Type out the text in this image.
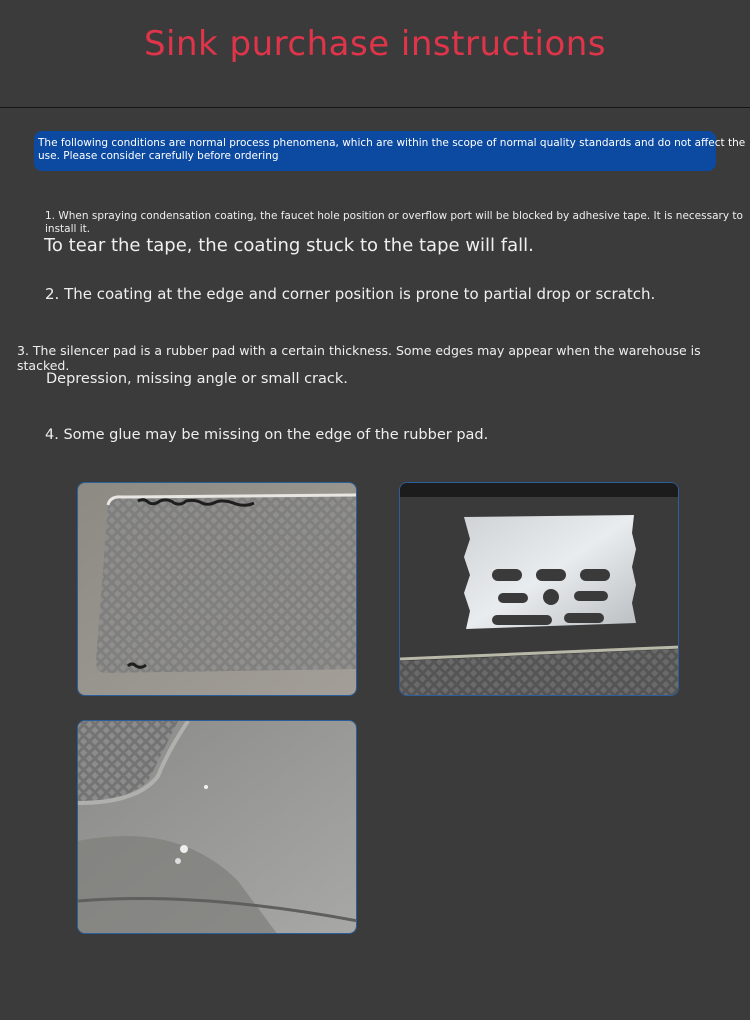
Sink purchase instructions
The following conditions are normal process phenomena, which are within the scope of normal quality standards and do not affect the use. Please consider carefully before ordering
1. When spraying condensation coating, the faucet hole position or overflow port will be blocked by adhesive tape. It is necessary to install it.
To tear the tape, the coating stuck to the tape will fall.
2. The coating at the edge and corner position is prone to partial drop or scratch.
3. The silencer pad is a rubber pad with a certain thickness. Some edges may appear when the warehouse is stacked.
Depression, missing angle or small crack.
4. Some glue may be missing on the edge of the rubber pad.
